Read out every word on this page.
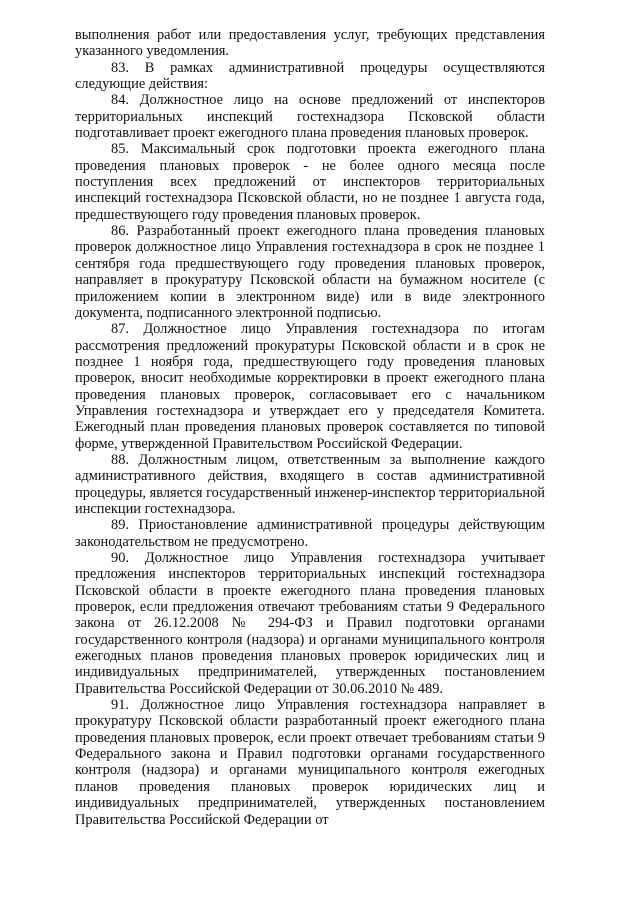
выполнения работ или предоставления услуг, требующих представления указанного уведомления.

83. В рамках административной процедуры осуществляются следующие действия:

84. Должностное лицо на основе предложений от инспекторов территориальных инспекций гостехнадзора Псковской области подготавливает проект ежегодного плана проведения плановых проверок.

85. Максимальный срок подготовки проекта ежегодного плана проведения плановых проверок - не более одного месяца после поступления всех предложений от инспекторов территориальных инспекций гостехнадзора Псковской области, но не позднее 1 августа года, предшествующего году проведения плановых проверок.

86. Разработанный проект ежегодного плана проведения плановых проверок должностное лицо Управления гостехнадзора в срок не позднее 1 сентября года предшествующего году проведения плановых проверок, направляет в прокуратуру Псковской области на бумажном носителе (с приложением копии в электронном виде) или в виде электронного документа, подписанного электронной подписью.

87. Должностное лицо Управления гостехнадзора по итогам рассмотрения предложений прокуратуры Псковской области и в срок не позднее 1 ноября года, предшествующего году проведения плановых проверок, вносит необходимые корректировки в проект ежегодного плана проведения плановых проверок, согласовывает его с начальником Управления гостехнадзора и утверждает его у председателя Комитета. Ежегодный план проведения плановых проверок составляется по типовой форме, утвержденной Правительством Российской Федерации.

88. Должностным лицом, ответственным за выполнение каждого административного действия, входящего в состав административной процедуры, является государственный инженер-инспектор территориальной инспекции гостехнадзора.

89. Приостановление административной процедуры действующим законодательством не предусмотрено.

90. Должностное лицо Управления гостехнадзора учитывает предложения инспекторов территориальных инспекций гостехнадзора Псковской области в проекте ежегодного плана проведения плановых проверок, если предложения отвечают требованиям статьи 9 Федерального закона от 26.12.2008 № 294-ФЗ и Правил подготовки органами государственного контроля (надзора) и органами муниципального контроля ежегодных планов проведения плановых проверок юридических лиц и индивидуальных предпринимателей, утвержденных постановлением Правительства Российской Федерации от 30.06.2010 № 489.

91. Должностное лицо Управления гостехнадзора направляет в прокуратуру Псковской области разработанный проект ежегодного плана проведения плановых проверок, если проект отвечает требованиям статьи 9 Федерального закона и Правил подготовки органами государственного контроля (надзора) и органами муниципального контроля ежегодных планов проведения плановых проверок юридических лиц и индивидуальных предпринимателей, утвержденных постановлением Правительства Российской Федерации от
